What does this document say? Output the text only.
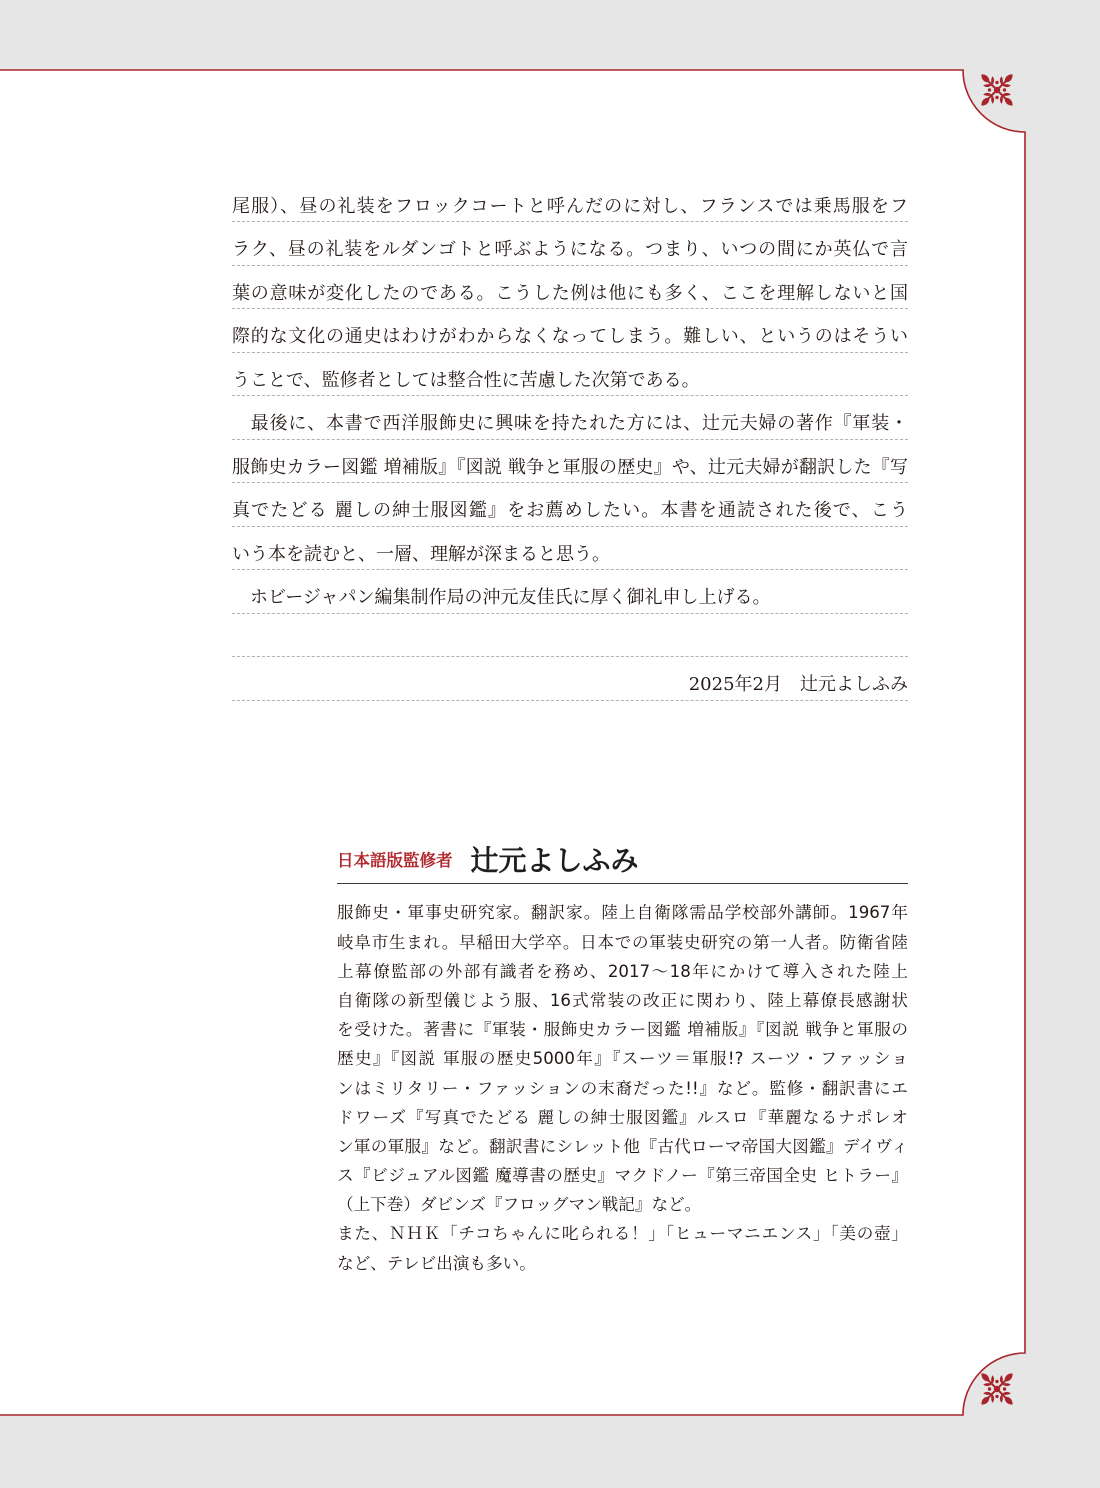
尾服）、昼の礼装をフロックコートと呼んだのに対し、フランスでは乗馬服をフ
ラク、昼の礼装をルダンゴトと呼ぶようになる。つまり、いつの間にか英仏で言
葉の意味が変化したのである。こうした例は他にも多く、ここを理解しないと国
際的な文化の通史はわけがわからなくなってしまう。難しい、というのはそうい
うことで、監修者としては整合性に苦慮した次第である。
　最後に、本書で西洋服飾史に興味を持たれた方には、辻元夫婦の著作『軍装・
服飾史カラー図鑑 増補版』『図説 戦争と軍服の歴史』や、辻元夫婦が翻訳した『写
真でたどる 麗しの紳士服図鑑』をお薦めしたい。本書を通読された後で、こう
いう本を読むと、一層、理解が深まると思う。
　ホビージャパン編集制作局の沖元友佳氏に厚く御礼申し上げる。
2025年2月　辻元よしふみ
日本語版監修者 辻元よしふみ
服飾史・軍事史研究家。翻訳家。陸上自衛隊需品学校部外講師。1967年
岐阜市生まれ。早稲田大学卒。日本での軍装史研究の第一人者。防衛省陸
上幕僚監部の外部有識者を務め、2017～18年にかけて導入された陸上
自衛隊の新型儀じよう服、16式常装の改正に関わり、陸上幕僚長感謝状
を受けた。著書に『軍装・服飾史カラー図鑑 増補版』『図説 戦争と軍服の
歴史』『図説 軍服の歴史5000年』『スーツ＝軍服!? スーツ・ファッショ
ンはミリタリー・ファッションの末裔だった!!』など。監修・翻訳書にエ
ドワーズ『写真でたどる 麗しの紳士服図鑑』ルスロ『華麗なるナポレオ
ン軍の軍服』など。翻訳書にシレット他『古代ローマ帝国大図鑑』デイヴィ
ス『ビジュアル図鑑 魔導書の歴史』マクドノー『第三帝国全史 ヒトラー』
（上下巻）ダビンズ『フロッグマン戦記』など。
また、ＮＨＫ「チコちゃんに叱られる！」「ヒューマニエンス」「美の壺」
など、テレビ出演も多い。
